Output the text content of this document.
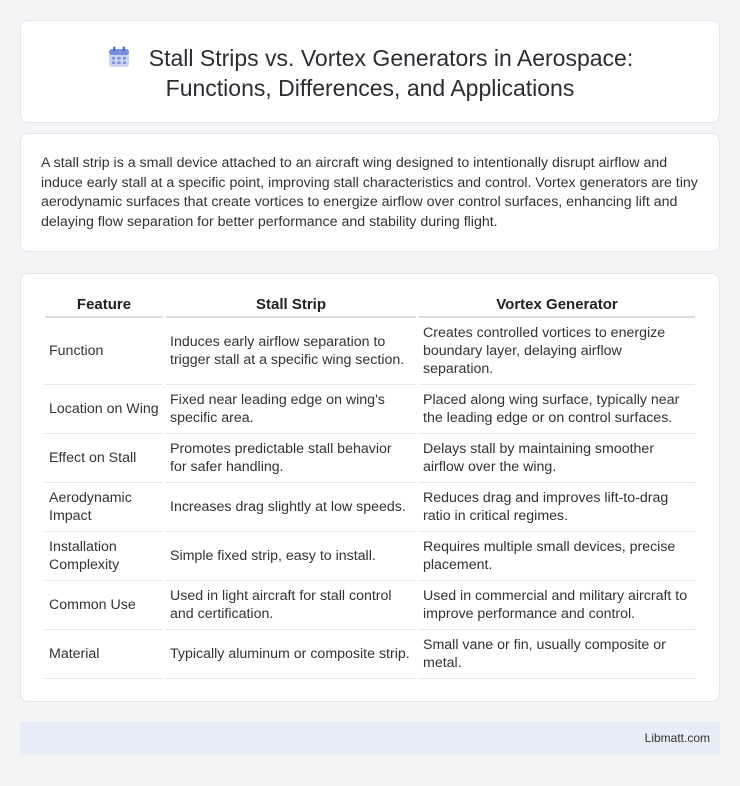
Stall Strips vs. Vortex Generators in Aerospace:
Functions, Differences, and Applications

A stall strip is a small device attached to an aircraft wing designed to intentionally disrupt airflow and induce early stall at a specific point, improving stall characteristics and control. Vortex generators are tiny aerodynamic surfaces that create vortices to energize airflow over control surfaces, enhancing lift and delaying flow separation for better performance and stability during flight.

Feature	Stall Strip	Vortex Generator
Function	Induces early airflow separation to trigger stall at a specific wing section.	Creates controlled vortices to energize boundary layer, delaying airflow separation.
Location on Wing	Fixed near leading edge on wing's specific area.	Placed along wing surface, typically near the leading edge or on control surfaces.
Effect on Stall	Promotes predictable stall behavior for safer handling.	Delays stall by maintaining smoother airflow over the wing.
Aerodynamic Impact	Increases drag slightly at low speeds.	Reduces drag and improves lift-to-drag ratio in critical regimes.
Installation Complexity	Simple fixed strip, easy to install.	Requires multiple small devices, precise placement.
Common Use	Used in light aircraft for stall control and certification.	Used in commercial and military aircraft to improve performance and control.
Material	Typically aluminum or composite strip.	Small vane or fin, usually composite or metal.
Libmatt.com
